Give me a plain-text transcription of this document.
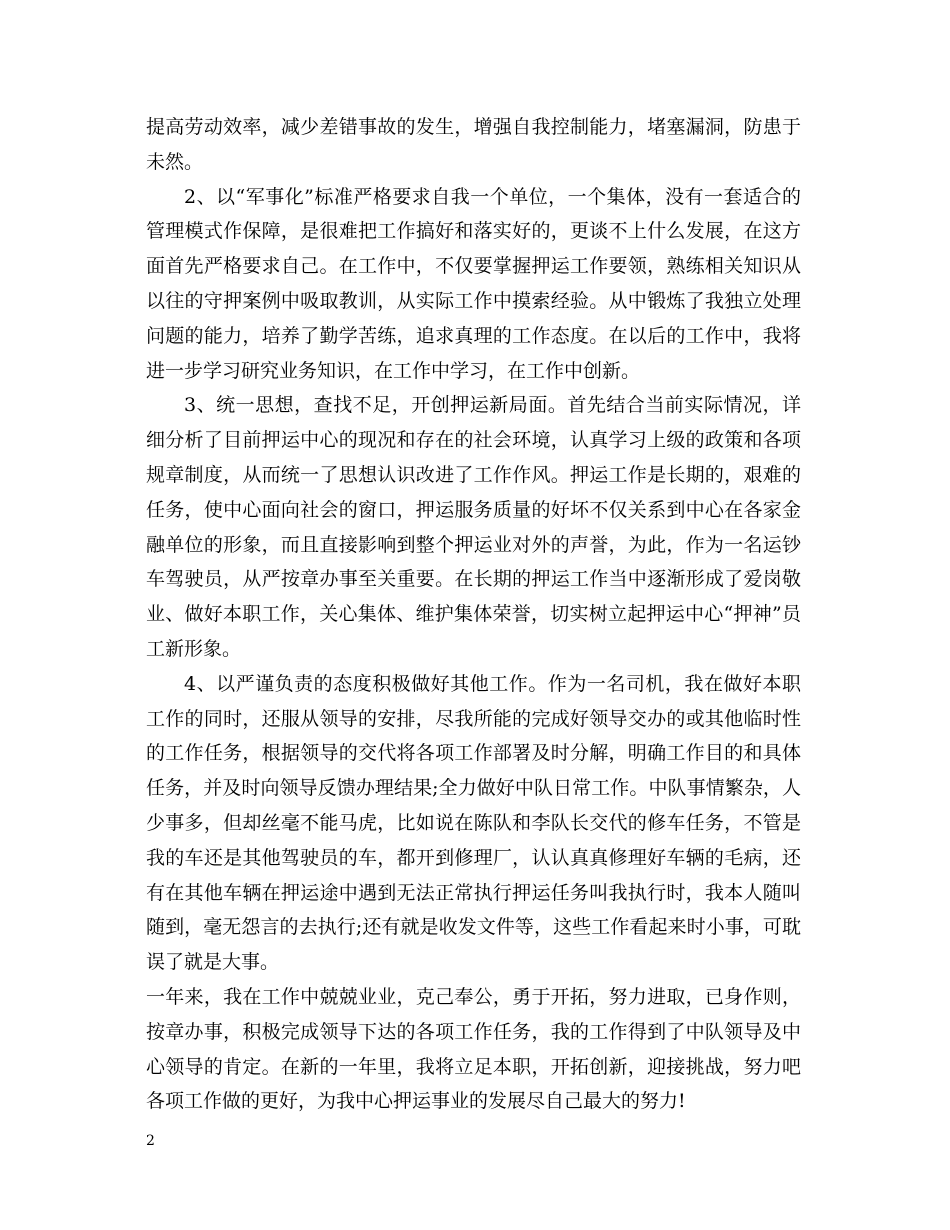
提高劳动效率，减少差错事故的发生，增强自我控制能力，堵塞漏洞，防患于未然。

2、以“军事化”标准严格要求自我一个单位，一个集体，没有一套适合的管理模式作保障，是很难把工作搞好和落实好的，更谈不上什么发展，在这方面首先严格要求自己。在工作中，不仅要掌握押运工作要领，熟练相关知识从以往的守押案例中吸取教训，从实际工作中摸索经验。从中锻炼了我独立处理问题的能力，培养了勤学苦练，追求真理的工作态度。在以后的工作中，我将进一步学习研究业务知识，在工作中学习，在工作中创新。

3、统一思想，查找不足，开创押运新局面。首先结合当前实际情况，详细分析了目前押运中心的现况和存在的社会环境，认真学习上级的政策和各项规章制度，从而统一了思想认识改进了工作作风。押运工作是长期的，艰难的任务，使中心面向社会的窗口，押运服务质量的好坏不仅关系到中心在各家金融单位的形象，而且直接影响到整个押运业对外的声誉，为此，作为一名运钞车驾驶员，从严按章办事至关重要。在长期的押运工作当中逐渐形成了爱岗敬业、做好本职工作，关心集体、维护集体荣誉，切实树立起押运中心“押神”员工新形象。

4、以严谨负责的态度积极做好其他工作。作为一名司机，我在做好本职工作的同时，还服从领导的安排，尽我所能的完成好领导交办的或其他临时性的工作任务，根据领导的交代将各项工作部署及时分解，明确工作目的和具体任务，并及时向领导反馈办理结果;全力做好中队日常工作。中队事情繁杂，人少事多，但却丝毫不能马虎，比如说在陈队和李队长交代的修车任务，不管是我的车还是其他驾驶员的车，都开到修理厂，认认真真修理好车辆的毛病，还有在其他车辆在押运途中遇到无法正常执行押运任务叫我执行时，我本人随叫随到，毫无怨言的去执行;还有就是收发文件等，这些工作看起来时小事，可耽误了就是大事。

一年来，我在工作中兢兢业业，克己奉公，勇于开拓，努力进取，已身作则，按章办事，积极完成领导下达的各项工作任务，我的工作得到了中队领导及中心领导的肯定。在新的一年里，我将立足本职，开拓创新，迎接挑战，努力吧各项工作做的更好，为我中心押运事业的发展尽自己最大的努力!

2
